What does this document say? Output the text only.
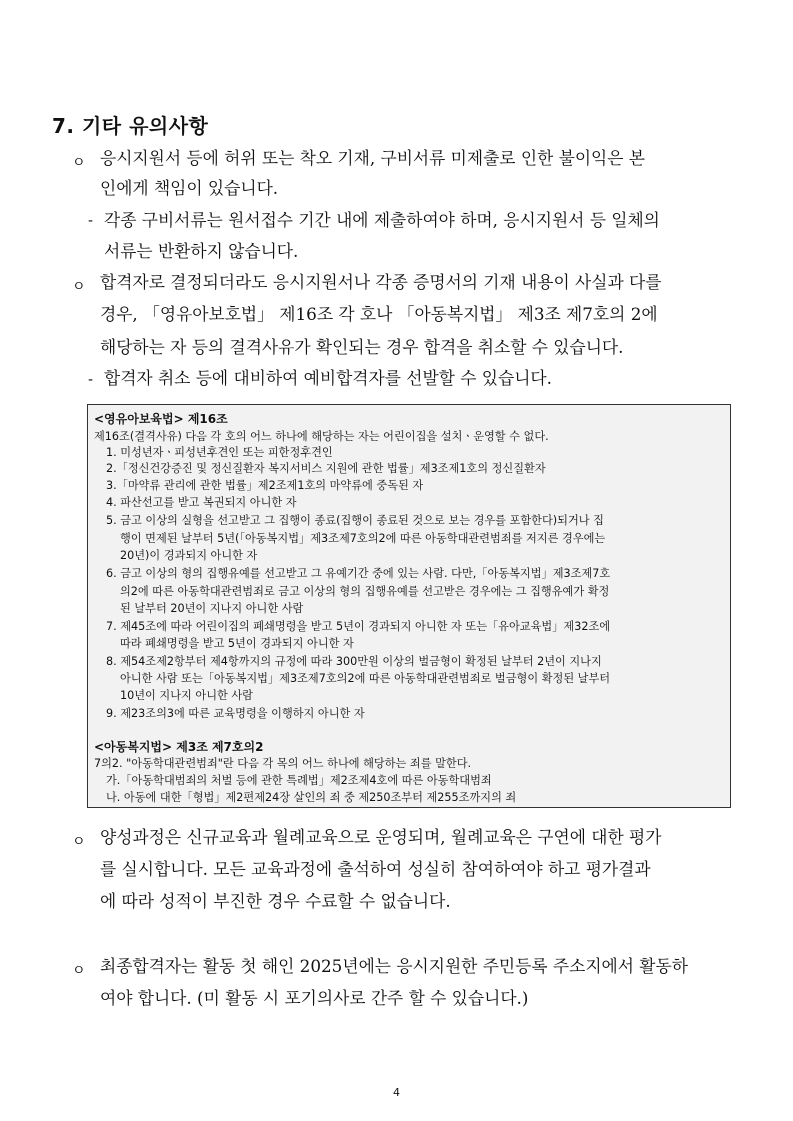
7. 기타 유의사항
ㅇ 응시지원서 등에 허위 또는 착오 기재, 구비서류 미제출로 인한 불이익은 본
인에게 책임이 있습니다.
- 각종 구비서류는 원서접수 기간 내에 제출하여야 하며, 응시지원서 등 일체의
서류는 반환하지 않습니다.
ㅇ 합격자로 결정되더라도 응시지원서나 각종 증명서의 기재 내용이 사실과 다를
경우, 「영유아보호법」 제16조 각 호나 「아동복지법」 제3조 제7호의 2에
해당하는 자 등의 결격사유가 확인되는 경우 합격을 취소할 수 있습니다.
- 합격자 취소 등에 대비하여 예비합격자를 선발할 수 있습니다.
<영유아보육법> 제16조
제16조(결격사유) 다음 각 호의 어느 하나에 해당하는 자는 어린이집을 설치ㆍ운영할 수 없다.
1. 미성년자ㆍ피성년후견인 또는 피한정후견인
2.「정신건강증진 및 정신질환자 복지서비스 지원에 관한 법률」제3조제1호의 정신질환자
3.「마약류 관리에 관한 법률」제2조제1호의 마약류에 중독된 자
4. 파산선고를 받고 복권되지 아니한 자
5. 금고 이상의 실형을 선고받고 그 집행이 종료(집행이 종료된 것으로 보는 경우를 포함한다)되거나 집
행이 면제된 날부터 5년(「아동복지법」제3조제7호의2에 따른 아동학대관련범죄를 저지른 경우에는
20년)이 경과되지 아니한 자
6. 금고 이상의 형의 집행유예를 선고받고 그 유예기간 중에 있는 사람. 다만,「아동복지법」제3조제7호
의2에 따른 아동학대관련범죄로 금고 이상의 형의 집행유예를 선고받은 경우에는 그 집행유예가 확정
된 날부터 20년이 지나지 아니한 사람
7. 제45조에 따라 어린이집의 폐쇄명령을 받고 5년이 경과되지 아니한 자 또는「유아교육법」제32조에
따라 폐쇄명령을 받고 5년이 경과되지 아니한 자
8. 제54조제2항부터 제4항까지의 규정에 따라 300만원 이상의 벌금형이 확정된 날부터 2년이 지나지
아니한 사람 또는「아동복지법」제3조제7호의2에 따른 아동학대관련범죄로 벌금형이 확정된 날부터
10년이 지나지 아니한 사람
9. 제23조의3에 따른 교육명령을 이행하지 아니한 자
<아동복지법> 제3조 제7호의2
7의2. "아동학대관련범죄"란 다음 각 목의 어느 하나에 해당하는 죄를 말한다.
가.「아동학대범죄의 처벌 등에 관한 특례법」제2조제4호에 따른 아동학대범죄
나. 아동에 대한「형법」제2편제24장 살인의 죄 중 제250조부터 제255조까지의 죄
ㅇ 양성과정은 신규교육과 월례교육으로 운영되며, 월례교육은 구연에 대한 평가
를 실시합니다. 모든 교육과정에 출석하여 성실히 참여하여야 하고 평가결과
에 따라 성적이 부진한 경우 수료할 수 없습니다.
ㅇ 최종합격자는 활동 첫 해인 2025년에는 응시지원한 주민등록 주소지에서 활동하
여야 합니다. (미 활동 시 포기의사로 간주 할 수 있습니다.)
4
